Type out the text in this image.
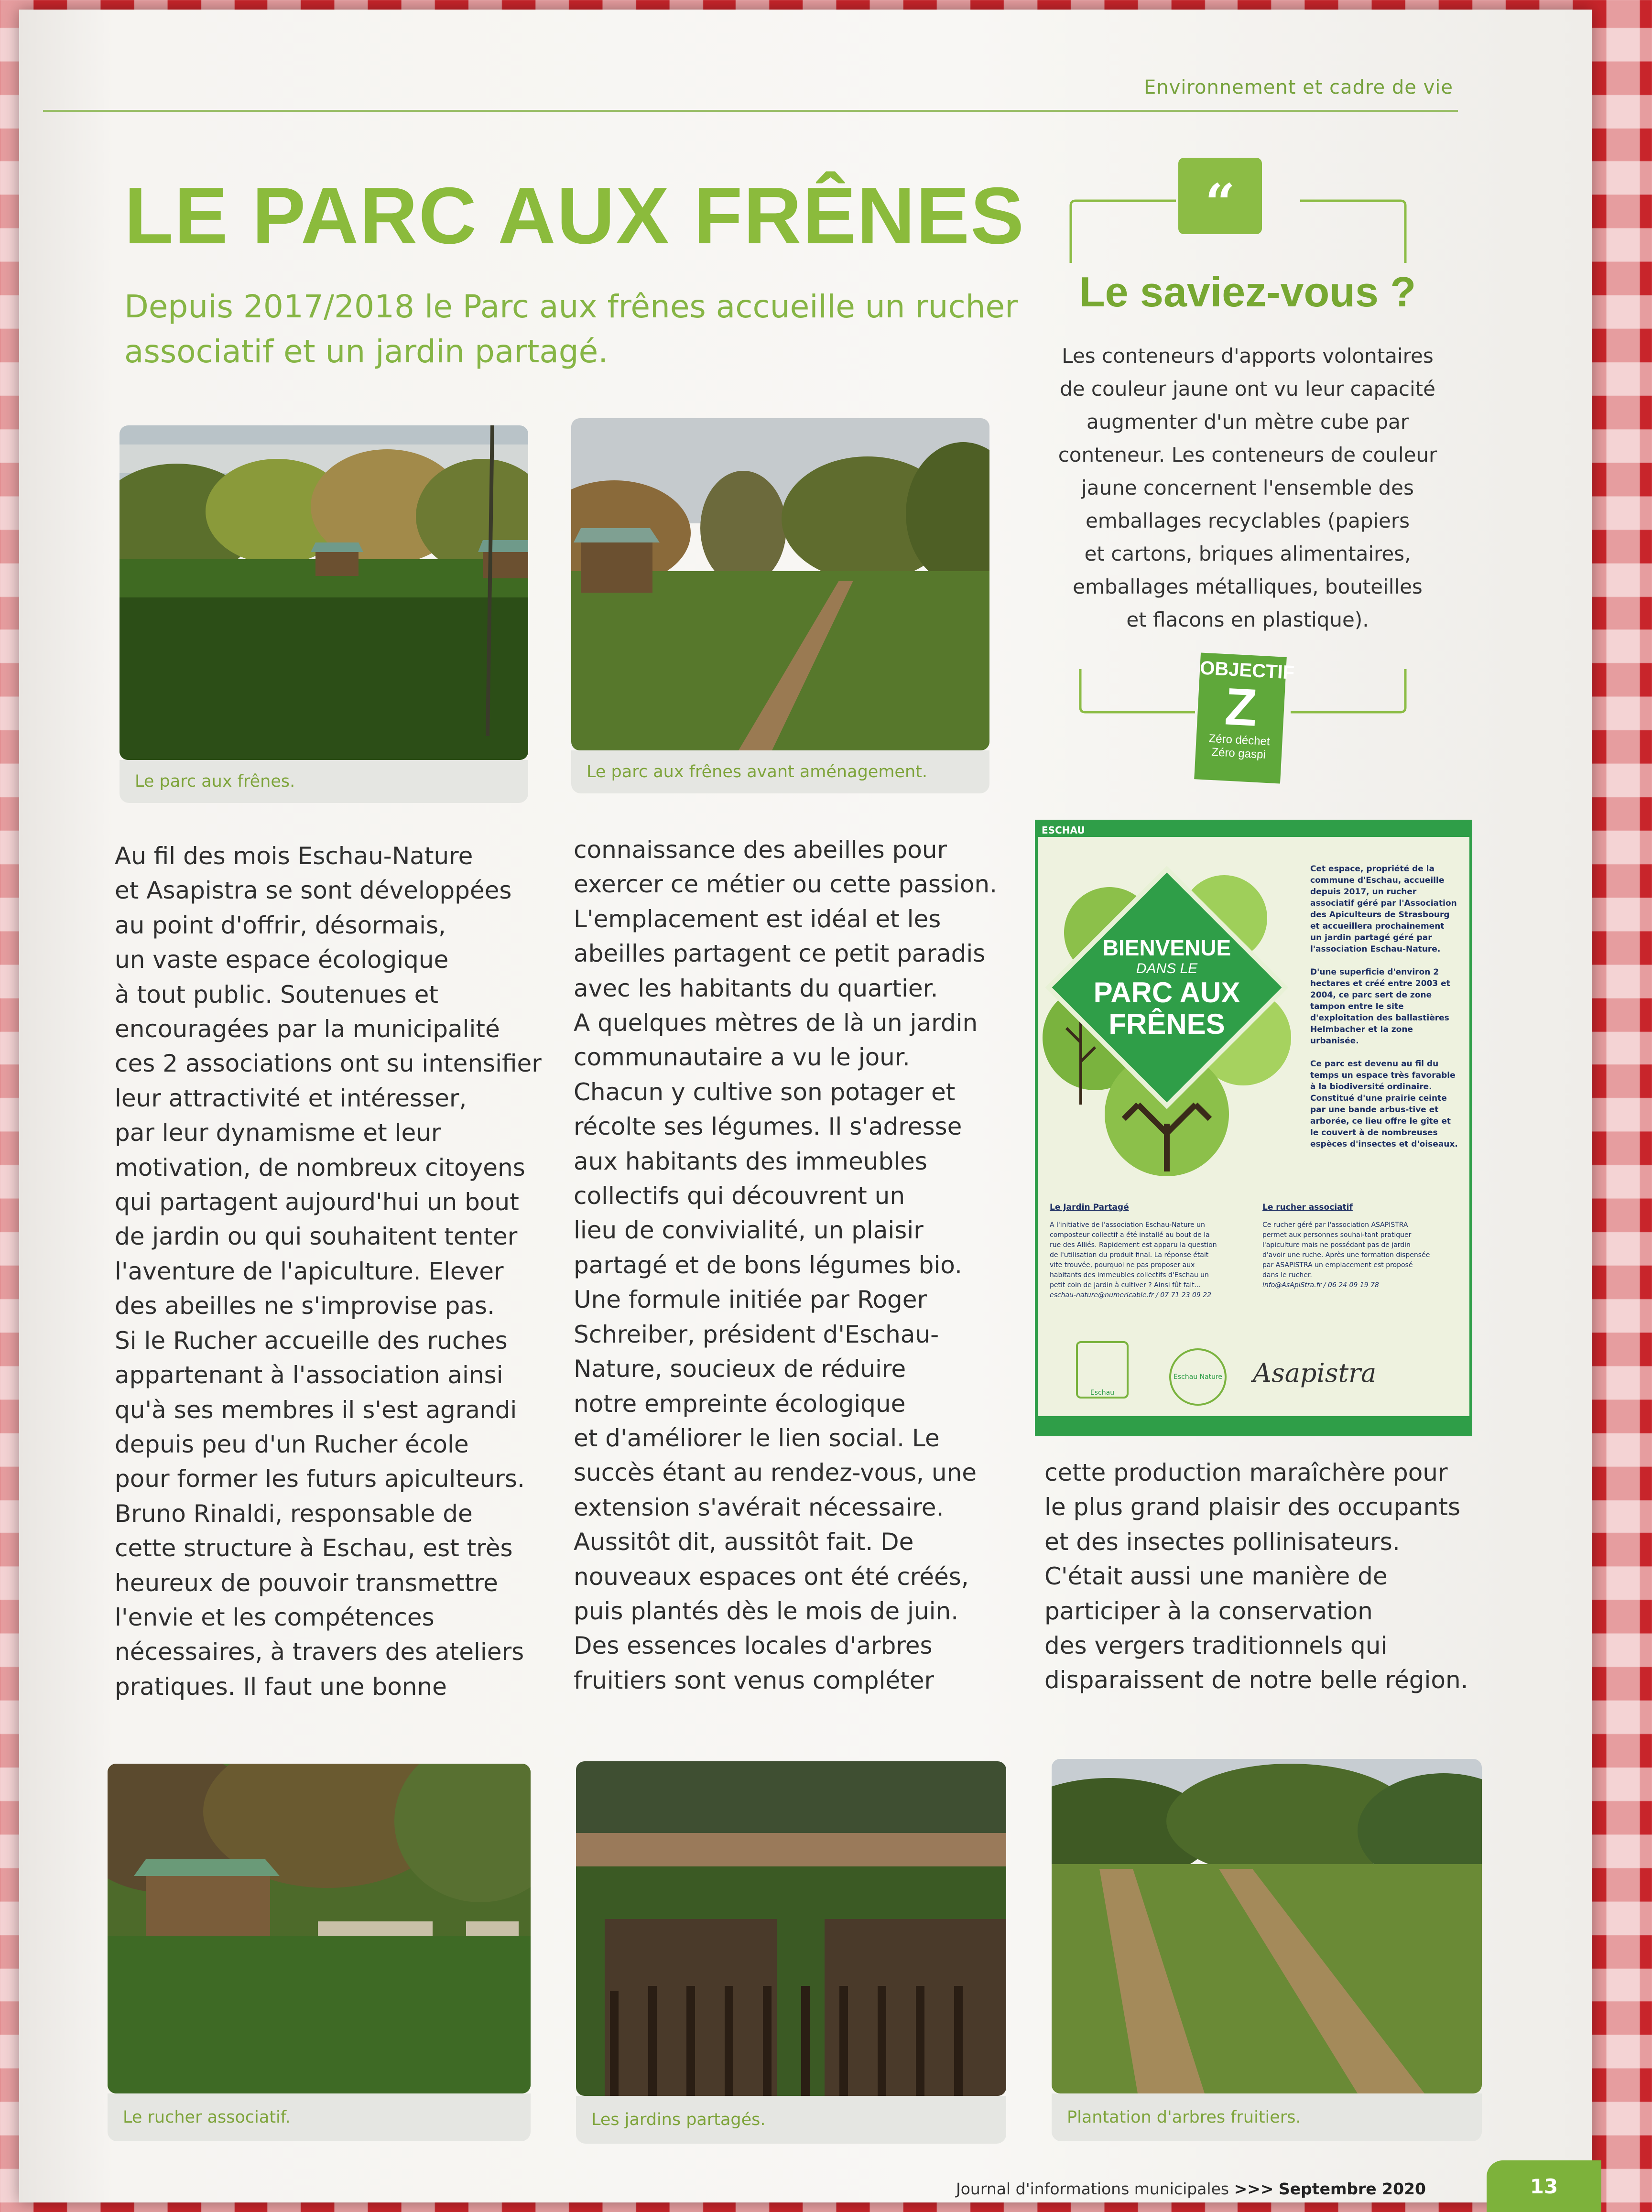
Environnement et cadre de vie
LE PARC AUX FRÊNES
Depuis 2017/2018 le Parc aux frênes accueille un rucher associatif et un jardin partagé.
Le parc aux frênes.	Le parc aux frênes avant aménagement.
“
Le saviez-vous ?

Les conteneurs d'apports volontaires

de couleur jaune ont vu leur capacité

augmenter d'un mètre cube par

conteneur. Les conteneurs de couleur

jaune concernent l'ensemble des

emballages recyclables (papiers

et cartons, briques alimentaires,

emballages métalliques, bouteilles

et flacons en plastique).

OBJECTIF
Z
Zéro déchet
Zéro gaspi

Au fil des mois Eschau-Nature

et Asapistra se sont développées

au point d'offrir, désormais,

un vaste espace écologique

à tout public. Soutenues et

encouragées par la municipalité

ces 2 associations ont su intensifier

leur attractivité et intéresser,

par leur dynamisme et leur

motivation, de nombreux citoyens

qui partagent aujourd'hui un bout

de jardin ou qui souhaitent tenter

l'aventure de l'apiculture. Elever

des abeilles ne s'improvise pas.

Si le Rucher accueille des ruches

appartenant à l'association ainsi

qu'à ses membres il s'est agrandi

depuis peu d'un Rucher école

pour former les futurs apiculteurs.

Bruno Rinaldi, responsable de

cette structure à Eschau, est très

heureux de pouvoir transmettre

l'envie et les compétences

nécessaires, à travers des ateliers

pratiques. Il faut une bonne

connaissance des abeilles pour

exercer ce métier ou cette passion.

L'emplacement est idéal et les

abeilles partagent ce petit paradis

avec les habitants du quartier.

A quelques mètres de là un jardin

communautaire a vu le jour.

Chacun y cultive son potager et

récolte ses légumes. Il s'adresse

aux habitants des immeubles

collectifs qui découvrent un

lieu de convivialité, un plaisir

partagé et de bons légumes bio.

Une formule initiée par Roger

Schreiber, président d'Eschau-

Nature, soucieux de réduire

notre empreinte écologique

et d'améliorer le lien social. Le

succès étant au rendez-vous, une

extension s'avérait nécessaire.

Aussitôt dit, aussitôt fait. De

nouveaux espaces ont été créés,

puis plantés dès le mois de juin.

Des essences locales d'arbres

fruitiers sont venus compléter

ESCHAU
BIENVENUE
DANS LE
PARC AUX
FRÊNES
Cet espace, propriété de la
commune d'Eschau, accueille
depuis 2017, un rucher
associatif géré par l'Association
des Apiculteurs de Strasbourg
et accueillera prochainement
un jardin partagé géré par
l'association Eschau-Nature.
D'une superficie d'environ 2
hectares et créé entre 2003 et
2004, ce parc sert de zone
tampon entre le site
d'exploitation des ballastières
Helmbacher et la zone
urbanisée.
Ce parc est devenu au fil du
temps un espace très favorable
à la biodiversité ordinaire.
Constitué d'une prairie ceinte
par une bande arbus-tive et
arborée, ce lieu offre le gîte et
le couvert à de nombreuses
espèces d'insectes et d'oiseaux.
Le Jardin Partagé
A l'initiative de l'association Eschau-Nature un
composteur collectif a été installé au bout de la
rue des Alliés. Rapidement est apparu la question
de l'utilisation du produit final. La réponse était
vite trouvée, pourquoi ne pas proposer aux
habitants des immeubles collectifs d'Eschau un
petit coin de jardin à cultiver ? Ainsi fût fait...
eschau-nature@numericable.fr / 07 71 23 09 22
Le rucher associatif
Ce rucher géré par l'association ASAPISTRA
permet aux personnes souhai-tant pratiquer
l'apiculture mais ne possédant pas de jardin
d'avoir une ruche. Après une formation dispensée
par ASAPISTRA un emplacement est proposé
dans le rucher.
info@AsApiStra.fr / 06 24 09 19 78
Eschau
Eschau Nature Asapistra

cette production maraîchère pour

le plus grand plaisir des occupants

et des insectes pollinisateurs.

C'était aussi une manière de

participer à la conservation

des vergers traditionnels qui

disparaissent de notre belle région.

Le rucher associatif.	Les jardins partagés.	Plantation d'arbres fruitiers.
Journal d'informations municipales >>> Septembre 2020	13
